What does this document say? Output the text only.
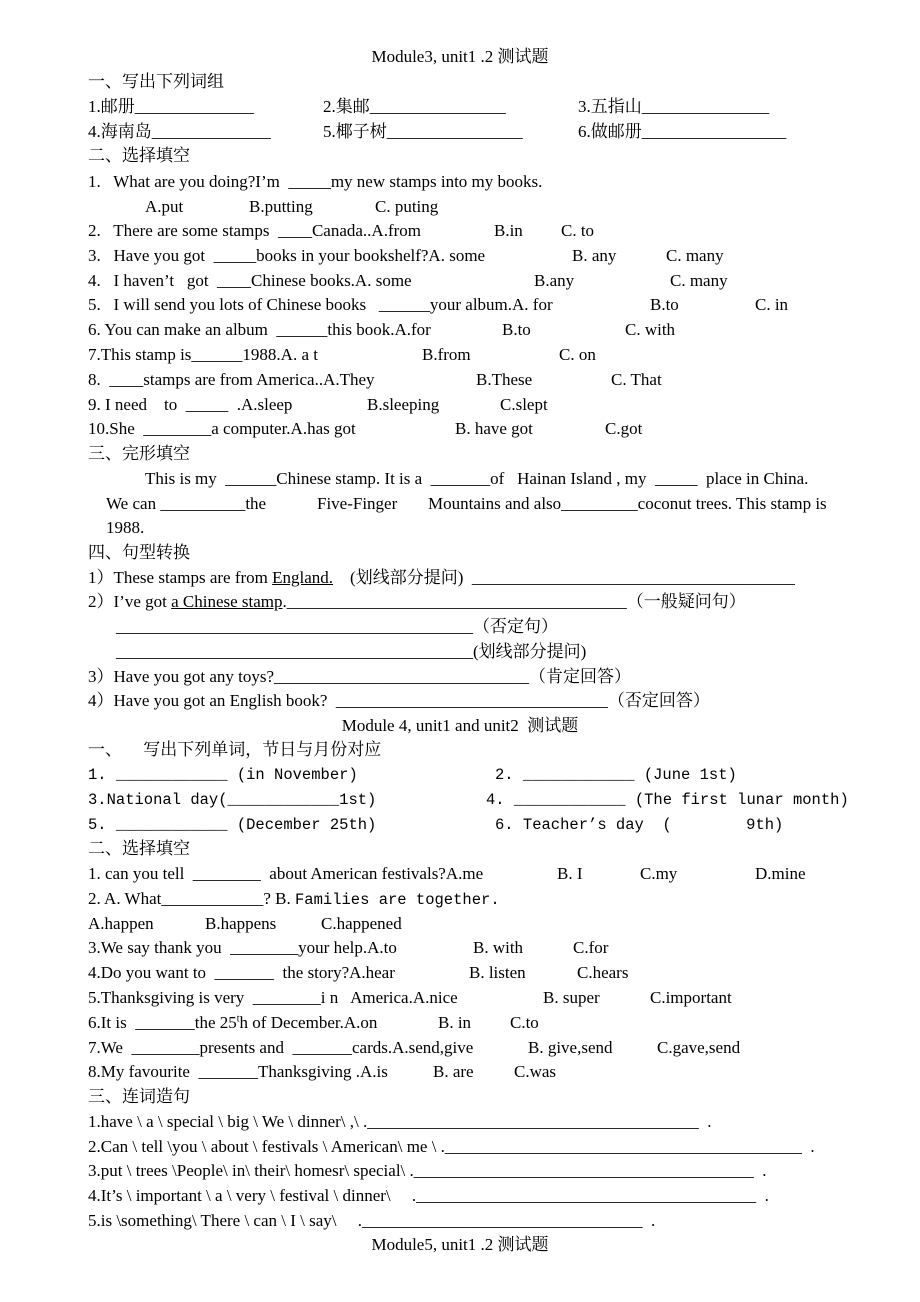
Module3, unit1 .2 测试题
一、写出下列词组
1.邮册______________	2.集邮________________	3.五指山_______________
4.海南岛______________	5.椰子树________________	6.做邮册_________________
二、选择填空
1.   What are you doing?I’m  _____my new stamps into my books.
A.put	B.putting	C. puting
2.   There are some stamps  ____Canada..A.from	B.in C. to
3.   Have you got  _____books in your bookshelf?A. some	B. any	C. many
4.   I haven’t   got  ____Chinese books.A. some	B.any	C. many
5.   I will send you lots of Chinese books   ______your album.A. for	B.to	C. in
6. You can make an album  ______this book.A.for	B.to	C. with
7.This stamp is______1988.A. a t	B.from	C. on
8.  ____stamps are from America..A.They	B.These	C. That
9. I need    to  _____  .A.sleep	B.sleeping	C.slept
10.She  ________a computer.A.has got	B. have got	C.got
三、完形填空
This is my  ______Chinese stamp. It is a  _______of   Hainan Island , my  _____  place in China.
We can __________the	Five-Finger Mountains and also_________coconut trees. This stamp is
1988.
四、句型转换
1）These stamps are from England.    (划线部分提问)  ______________________________________
2）I’ve got a Chinese stamp.________________________________________（一般疑问句）
__________________________________________（否定句）
__________________________________________(划线部分提问)
3）Have you got any toys?______________________________（肯定回答）
4）Have you got an English book?  ________________________________（否定回答）
Module 4, unit1 and unit2  测试题
一、     写出下列单词，节日与月份对应
1. ____________ (in November)	2. ____________ (June 1st)
3.National day(____________1st)	4. ____________ (The first lunar month)
5. ____________ (December 25th)	6. Teacher’s day  (        9th)
二、选择填空
1. can you tell  ________  about American festivals?A.me	B. I	C.my	D.mine
2. A. What____________? B. Families are together.
A.happen	B.happens	C.happened
3.We say thank you  ________your help.A.to	B. with	C.for
4.Do you want to  _______  the story?A.hear	B. listen	C.hears
5.Thanksgiving is very  ________i n   America.A.nice	B. super	C.important
6.It is  _______the 25$^t$h of December.A.on	B. in C.to
7.We  ________presents and  _______cards.A.send,give	B. give,send	C.gave,send
8.My favourite  _______Thanksgiving .A.is	B. are C.was
三、连词造句
1.have \ a \ special \ big \ We \ dinner\ ,\ ._______________________________________  .
2.Can \ tell \you \ about \ festivals \ American\ me \ .__________________________________________  .
3.put \ trees \People\ in\ their\ homesr\ special\ .________________________________________  .
4.It’s \ important \ a \ very \ festival \ dinner\     .________________________________________  .
5.is \something\ There \ can \ I \ say\     ._________________________________  .
Module5, unit1 .2 测试题
